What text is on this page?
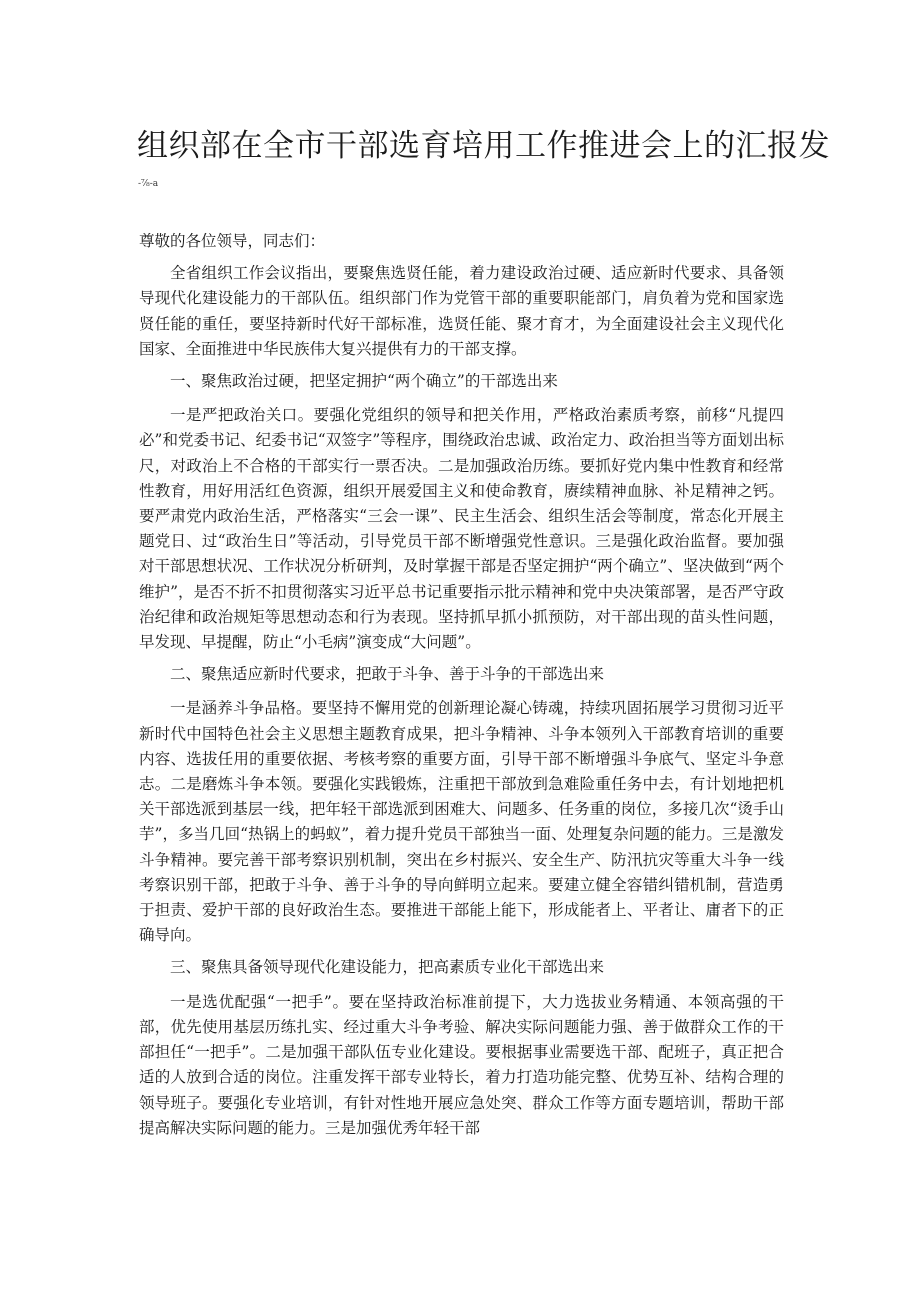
组织部在全市干部选育培用工作推进会上的汇报发
-⅞-a

尊敬的各位领导，同志们：

全省组织工作会议指出，要聚焦选贤任能，着力建设政治过硬、适应新时代要求、具备领导现代化建设能力的干部队伍。组织部门作为党管干部的重要职能部门，肩负着为党和国家选贤任能的重任，要坚持新时代好干部标准，选贤任能、聚才育才，为全面建设社会主义现代化国家、全面推进中华民族伟大复兴提供有力的干部支撑。

一、聚焦政治过硬，把坚定拥护“两个确立”的干部选出来

一是严把政治关口。要强化党组织的领导和把关作用，严格政治素质考察，前移“凡提四必”和党委书记、纪委书记“双签字”等程序，围绕政治忠诚、政治定力、政治担当等方面划出标尺，对政治上不合格的干部实行一票否决。二是加强政治历练。要抓好党内集中性教育和经常性教育，用好用活红色资源，组织开展爱国主义和使命教育，赓续精神血脉、补足精神之钙。要严肃党内政治生活，严格落实“三会一课”、民主生活会、组织生活会等制度，常态化开展主题党日、过“政治生日”等活动，引导党员干部不断增强党性意识。三是强化政治监督。要加强对干部思想状况、工作状况分析研判，及时掌握干部是否坚定拥护“两个确立”、坚决做到“两个维护”，是否不折不扣贯彻落实习近平总书记重要指示批示精神和党中央决策部署，是否严守政治纪律和政治规矩等思想动态和行为表现。坚持抓早抓小抓预防，对干部出现的苗头性问题，早发现、早提醒，防止“小毛病”演变成“大问题”。

二、聚焦适应新时代要求，把敢于斗争、善于斗争的干部选出来

一是涵养斗争品格。要坚持不懈用党的创新理论凝心铸魂，持续巩固拓展学习贯彻习近平新时代中国特色社会主义思想主题教育成果，把斗争精神、斗争本领列入干部教育培训的重要内容、选拔任用的重要依据、考核考察的重要方面，引导干部不断增强斗争底气、坚定斗争意志。二是磨炼斗争本领。要强化实践锻炼，注重把干部放到急难险重任务中去，有计划地把机关干部选派到基层一线，把年轻干部选派到困难大、问题多、任务重的岗位，多接几次“烫手山芋”，多当几回“热锅上的蚂蚁”，着力提升党员干部独当一面、处理复杂问题的能力。三是激发斗争精神。要完善干部考察识别机制，突出在乡村振兴、安全生产、防汛抗灾等重大斗争一线考察识别干部，把敢于斗争、善于斗争的导向鲜明立起来。要建立健全容错纠错机制，营造勇于担责、爱护干部的良好政治生态。要推进干部能上能下，形成能者上、平者让、庸者下的正确导向。

三、聚焦具备领导现代化建设能力，把高素质专业化干部选出来

一是选优配强“一把手”。要在坚持政治标准前提下，大力选拔业务精通、本领高强的干部，优先使用基层历练扎实、经过重大斗争考验、解决实际问题能力强、善于做群众工作的干部担任“一把手”。二是加强干部队伍专业化建设。要根据事业需要选干部、配班子，真正把合适的人放到合适的岗位。注重发挥干部专业特长，着力打造功能完整、优势互补、结构合理的领导班子。要强化专业培训，有针对性地开展应急处突、群众工作等方面专题培训，帮助干部提高解决实际问题的能力。三是加强优秀年轻干部
